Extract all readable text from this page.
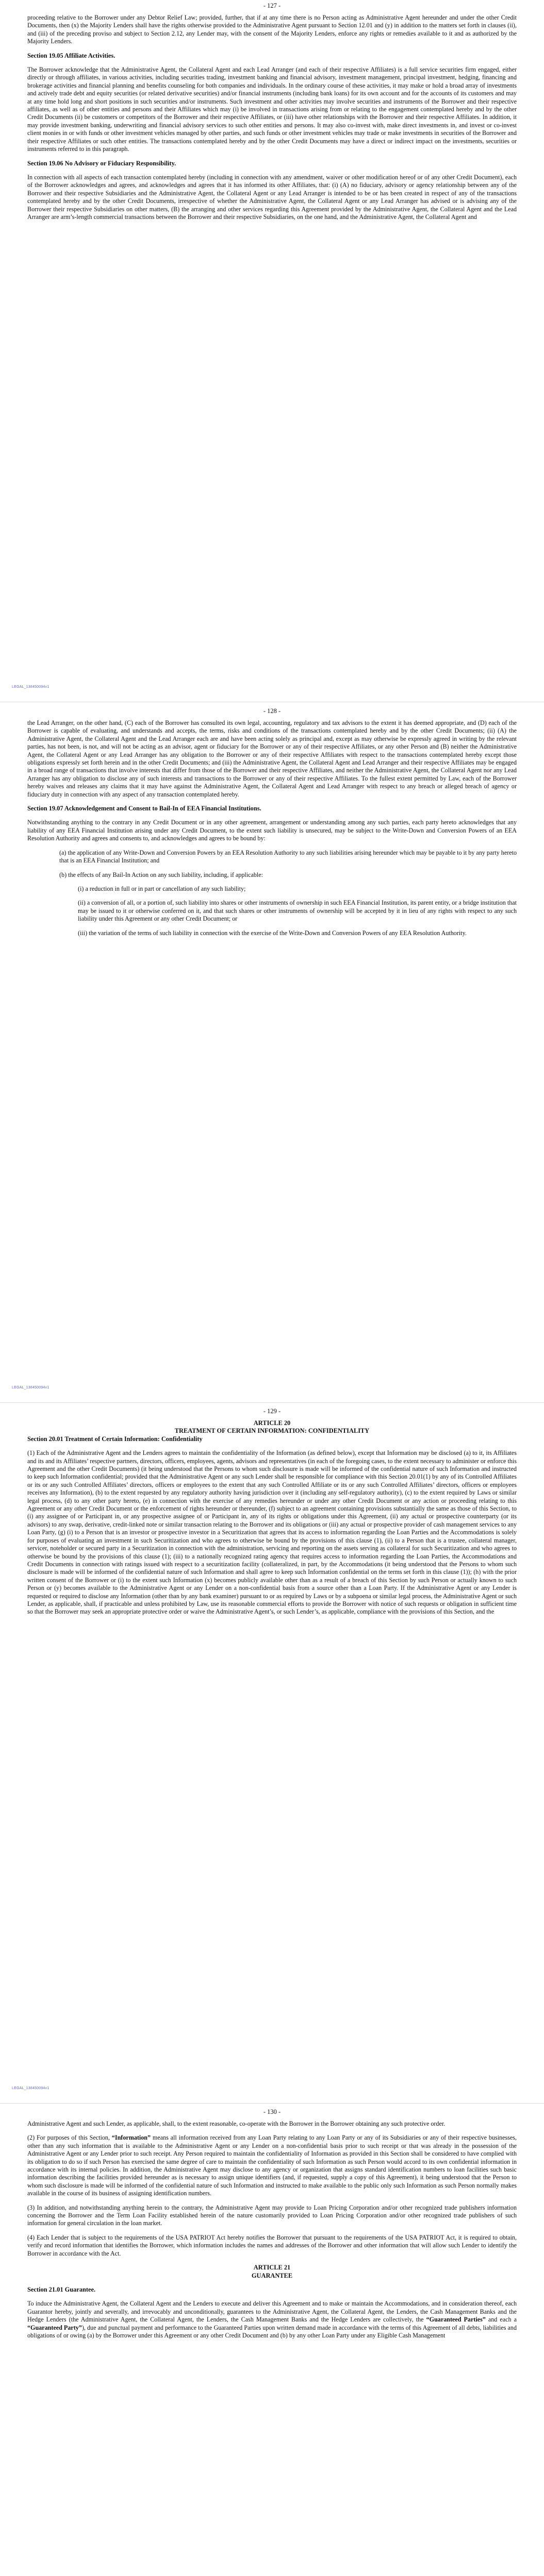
- 127 -

proceeding relative to the Borrower under any Debtor Relief Law; provided, further, that if at any time there is no Person acting as Administrative Agent hereunder and under the other Credit Documents, then (x) the Majority Lenders shall have the rights otherwise provided to the Administrative Agent pursuant to Section 12.01 and (y) in addition to the matters set forth in clauses (ii), and (iii) of the preceding proviso and subject to Section 2.12, any Lender may, with the consent of the Majority Lenders, enforce any rights or remedies available to it and as authorized by the Majority Lenders.

Section 19.05 Affiliate Activities.

The Borrower acknowledge that the Administrative Agent, the Collateral Agent and each Lead Arranger (and each of their respective Affiliates) is a full service securities firm engaged, either directly or through affiliates, in various activities, including securities trading, investment banking and financial advisory, investment management, principal investment, hedging, financing and brokerage activities and financial planning and benefits counseling for both companies and individuals. In the ordinary course of these activities, it may make or hold a broad array of investments and actively trade debt and equity securities (or related derivative securities) and/or financial instruments (including bank loans) for its own account and for the accounts of its customers and may at any time hold long and short positions in such securities and/or instruments. Such investment and other activities may involve securities and instruments of the Borrower and their respective affiliates, as well as of other entities and persons and their Affiliates which may (i) be involved in transactions arising from or relating to the engagement contemplated hereby and by the other Credit Documents (ii) be customers or competitors of the Borrower and their respective Affiliates, or (iii) have other relationships with the Borrower and their respective Affiliates. In addition, it may provide investment banking, underwriting and financial advisory services to such other entities and persons. It may also co-invest with, make direct investments in, and invest or co-invest client monies in or with funds or other investment vehicles managed by other parties, and such funds or other investment vehicles may trade or make investments in securities of the Borrower and their respective Affiliates or such other entities. The transactions contemplated hereby and by the other Credit Documents may have a direct or indirect impact on the investments, securities or instruments referred to in this paragraph.

Section 19.06 No Advisory or Fiduciary Responsibility.

In connection with all aspects of each transaction contemplated hereby (including in connection with any amendment, waiver or other modification hereof or of any other Credit Document), each of the Borrower acknowledges and agrees, and acknowledges and agrees that it has informed its other Affiliates, that: (i) (A) no fiduciary, advisory or agency relationship between any of the Borrower and their respective Subsidiaries and the Administrative Agent, the Collateral Agent or any Lead Arranger is intended to be or has been created in respect of any of the transactions contemplated hereby and by the other Credit Documents, irrespective of whether the Administrative Agent, the Collateral Agent or any Lead Arranger has advised or is advising any of the Borrower their respective Subsidiaries on other matters, (B) the arranging and other services regarding this Agreement provided by the Administrative Agent, the Collateral Agent and the Lead Arranger are arm’s-length commercial transactions between the Borrower and their respective Subsidiaries, on the one hand, and the Administrative Agent, the Collateral Agent and

LEGAL_138450094v1

- 128 -

the Lead Arranger, on the other hand, (C) each of the Borrower has consulted its own legal, accounting, regulatory and tax advisors to the extent it has deemed appropriate, and (D) each of the Borrower is capable of evaluating, and understands and accepts, the terms, risks and conditions of the transactions contemplated hereby and by the other Credit Documents; (ii) (A) the Administrative Agent, the Collateral Agent and the Lead Arranger each are and have been acting solely as principal and, except as may otherwise be expressly agreed in writing by the relevant parties, has not been, is not, and will not be acting as an advisor, agent or fiduciary for the Borrower or any of their respective Affiliates, or any other Person and (B) neither the Administrative Agent, the Collateral Agent or any Lead Arranger has any obligation to the Borrower or any of their respective Affiliates with respect to the transactions contemplated hereby except those obligations expressly set forth herein and in the other Credit Documents; and (iii) the Administrative Agent, the Collateral Agent and Lead Arranger and their respective Affiliates may be engaged in a broad range of transactions that involve interests that differ from those of the Borrower and their respective Affiliates, and neither the Administrative Agent, the Collateral Agent nor any Lead Arranger has any obligation to disclose any of such interests and transactions to the Borrower or any of their respective Affiliates. To the fullest extent permitted by Law, each of the Borrower hereby waives and releases any claims that it may have against the Administrative Agent, the Collateral Agent and Lead Arranger with respect to any breach or alleged breach of agency or fiduciary duty in connection with any aspect of any transaction contemplated hereby.

Section 19.07 Acknowledgement and Consent to Bail-In of EEA Financial Institutions.

Notwithstanding anything to the contrary in any Credit Document or in any other agreement, arrangement or understanding among any such parties, each party hereto acknowledges that any liability of any EEA Financial Institution arising under any Credit Document, to the extent such liability is unsecured, may be subject to the Write-Down and Conversion Powers of an EEA Resolution Authority and agrees and consents to, and acknowledges and agrees to be bound by:

(a) the application of any Write-Down and Conversion Powers by an EEA Resolution Authority to any such liabilities arising hereunder which may be payable to it by any party hereto that is an EEA Financial Institution; and

(b) the effects of any Bail-In Action on any such liability, including, if applicable:

(i) a reduction in full or in part or cancellation of any such liability;

(ii) a conversion of all, or a portion of, such liability into shares or other instruments of ownership in such EEA Financial Institution, its parent entity, or a bridge institution that may be issued to it or otherwise conferred on it, and that such shares or other instruments of ownership will be accepted by it in lieu of any rights with respect to any such liability under this Agreement or any other Credit Document; or

(iii) the variation of the terms of such liability in connection with the exercise of the Write-Down and Conversion Powers of any EEA Resolution Authority.

LEGAL_138450094v1

- 129 -

ARTICLE 20

TREATMENT OF CERTAIN INFORMATION: CONFIDENTIALITY

Section 20.01 Treatment of Certain Information: Confidentiality

(1) Each of the Administrative Agent and the Lenders agrees to maintain the confidentiality of the Information (as defined below), except that Information may be disclosed (a) to it, its Affiliates and its and its Affiliates’ respective partners, directors, officers, employees, agents, advisors and representatives (in each of the foregoing cases, to the extent necessary to administer or enforce this Agreement and the other Credit Documents) (it being understood that the Persons to whom such disclosure is made will be informed of the confidential nature of such Information and instructed to keep such Information confidential; provided that the Administrative Agent or any such Lender shall be responsible for compliance with this Section 20.01(1) by any of its Controlled Affiliates or its or any such Controlled Affiliates’ directors, officers or employees to the extent that any such Controlled Affiliate or its or any such Controlled Affiliates’ directors, officers or employees receives any Information), (b) to the extent requested by any regulatory authority having jurisdiction over it (including any self-regulatory authority), (c) to the extent required by Laws or similar legal process, (d) to any other party hereto, (e) in connection with the exercise of any remedies hereunder or under any other Credit Document or any action or proceeding relating to this Agreement or any other Credit Document or the enforcement of rights hereunder or thereunder, (f) subject to an agreement containing provisions substantially the same as those of this Section, to (i) any assignee of or Participant in, or any prospective assignee of or Participant in, any of its rights or obligations under this Agreement, (ii) any actual or prospective counterparty (or its advisors) to any swap, derivative, credit-linked note or similar transaction relating to the Borrower and its obligations or (iii) any actual or prospective provider of cash management services to any Loan Party, (g) (i) to a Person that is an investor or prospective investor in a Securitization that agrees that its access to information regarding the Loan Parties and the Accommodations is solely for purposes of evaluating an investment in such Securitization and who agrees to otherwise be bound by the provisions of this clause (1), (ii) to a Person that is a trustee, collateral manager, servicer, noteholder or secured party in a Securitization in connection with the administration, servicing and reporting on the assets serving as collateral for such Securitization and who agrees to otherwise be bound by the provisions of this clause (1); (iii) to a nationally recognized rating agency that requires access to information regarding the Loan Parties, the Accommodations and Credit Documents in connection with ratings issued with respect to a securitization facility (collateralized, in part, by the Accommodations (it being understood that the Persons to whom such disclosure is made will be informed of the confidential nature of such Information and shall agree to keep such Information confidential on the terms set forth in this clause (1)); (h) with the prior written consent of the Borrower or (i) to the extent such Information (x) becomes publicly available other than as a result of a breach of this Section by such Person or actually known to such Person or (y) becomes available to the Administrative Agent or any Lender on a non-confidential basis from a source other than a Loan Party. If the Administrative Agent or any Lender is requested or required to disclose any Information (other than by any bank examiner) pursuant to or as required by Laws or by a subpoena or similar legal process, the Administrative Agent or such Lender, as applicable, shall, if practicable and unless prohibited by Law, use its reasonable commercial efforts to provide the Borrower with notice of such requests or obligation in sufficient time so that the Borrower may seek an appropriate protective order or waive the Administrative Agent’s, or such Lender’s, as applicable, compliance with the provisions of this Section, and the

LEGAL_138450094v1

- 130 -

Administrative Agent and such Lender, as applicable, shall, to the extent reasonable, co-operate with the Borrower in the Borrower obtaining any such protective order.

(2) For purposes of this Section, “Information” means all information received from any Loan Party relating to any Loan Party or any of its Subsidiaries or any of their respective businesses, other than any such information that is available to the Administrative Agent or any Lender on a non-confidential basis prior to such receipt or that was already in the possession of the Administrative Agent or any Lender prior to such receipt. Any Person required to maintain the confidentiality of Information as provided in this Section shall be considered to have complied with its obligation to do so if such Person has exercised the same degree of care to maintain the confidentiality of such Information as such Person would accord to its own confidential information in accordance with its internal policies. In addition, the Administrative Agent may disclose to any agency or organization that assigns standard identification numbers to loan facilities such basic information describing the facilities provided hereunder as is necessary to assign unique identifiers (and, if requested, supply a copy of this Agreement), it being understood that the Person to whom such disclosure is made will be informed of the confidential nature of such Information and instructed to make available to the public only such Information as such Person normally makes available in the course of its business of assigning identification numbers.

(3) In addition, and notwithstanding anything herein to the contrary, the Administrative Agent may provide to Loan Pricing Corporation and/or other recognized trade publishers information concerning the Borrower and the Term Loan Facility established herein of the nature customarily provided to Loan Pricing Corporation and/or other recognized trade publishers of such information for general circulation in the loan market.

(4) Each Lender that is subject to the requirements of the USA PATRIOT Act hereby notifies the Borrower that pursuant to the requirements of the USA PATRIOT Act, it is required to obtain, verify and record information that identifies the Borrower, which information includes the names and addresses of the Borrower and other information that will allow such Lender to identify the Borrower in accordance with the Act.

ARTICLE 21

GUARANTEE

Section 21.01 Guarantee.

To induce the Administrative Agent, the Collateral Agent and the Lenders to execute and deliver this Agreement and to make or maintain the Accommodations, and in consideration thereof, each Guarantor hereby, jointly and severally, and irrevocably and unconditionally, guarantees to the Administrative Agent, the Collateral Agent, the Lenders, the Cash Management Banks and the Hedge Lenders (the Administrative Agent, the Collateral Agent, the Lenders, the Cash Management Banks and the Hedge Lenders are collectively, the “Guaranteed Parties” and each a “Guaranteed Party”), due and punctual payment and performance to the Guaranteed Parties upon written demand made in accordance with the terms of this Agreement of all debts, liabilities and obligations of or owing (a) by the Borrower under this Agreement or any other Credit Document and (b) by any other Loan Party under any Eligible Cash Management
